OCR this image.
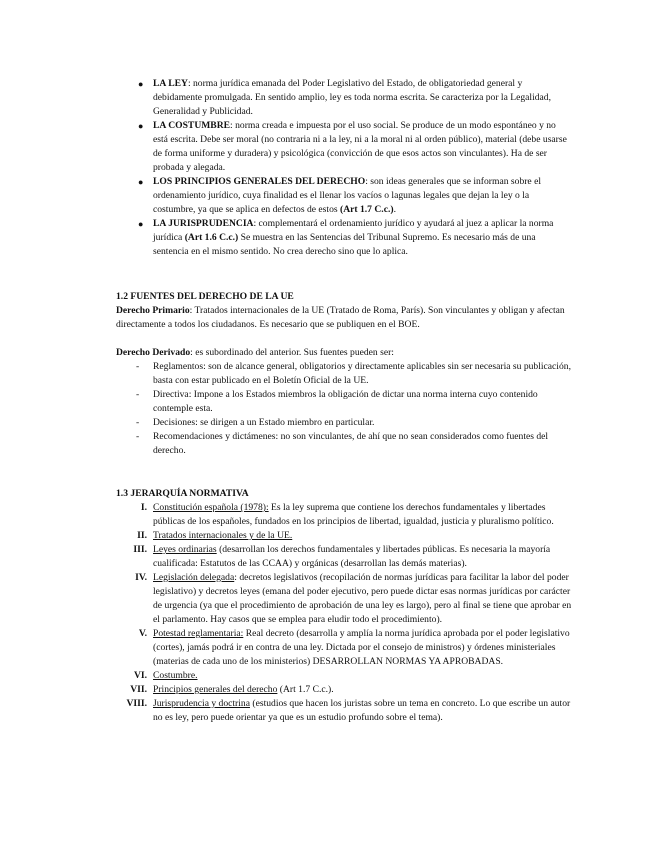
● LA LEY: norma jurídica emanada del Poder Legislativo del Estado, de obligatoriedad general y debidamente promulgada. En sentido amplio, ley es toda norma escrita. Se caracteriza por la Legalidad, Generalidad y Publicidad.
● LA COSTUMBRE: norma creada e impuesta por el uso social. Se produce de un modo espontáneo y no está escrita. Debe ser moral (no contraria ni a la ley, ni a la moral ni al orden público), material (debe usarse de forma uniforme y duradera) y psicológica (convicción de que esos actos son vinculantes). Ha de ser probada y alegada.
● LOS PRINCIPIOS GENERALES DEL DERECHO: son ideas generales que se informan sobre el ordenamiento jurídico, cuya finalidad es el llenar los vacíos o lagunas legales que dejan la ley o la costumbre, ya que se aplica en defectos de estos (Art 1.7 C.c.).
● LA JURISPRUDENCIA: complementará el ordenamiento jurídico y ayudará al juez a aplicar la norma jurídica (Art 1.6 C.c.) Se muestra en las Sentencias del Tribunal Supremo. Es necesario más de una sentencia en el mismo sentido. No crea derecho sino que lo aplica.
1.2 FUENTES DEL DERECHO DE LA UE
Derecho Primario: Tratados internacionales de la UE (Tratado de Roma, París). Son vinculantes y obligan y afectan directamente a todos los ciudadanos. Es necesario que se publiquen en el BOE.
Derecho Derivado: es subordinado del anterior. Sus fuentes pueden ser:
- Reglamentos: son de alcance general, obligatorios y directamente aplicables sin ser necesaria su publicación, basta con estar publicado en el Boletín Oficial de la UE.
- Directiva: Impone a los Estados miembros la obligación de dictar una norma interna cuyo contenido contemple esta.
- Decisiones: se dirigen a un Estado miembro en particular.
- Recomendaciones y dictámenes: no son vinculantes, de ahí que no sean considerados como fuentes del derecho.
1.3 JERARQUÍA NORMATIVA
I. Constitución española (1978): Es la ley suprema que contiene los derechos fundamentales y libertades públicas de los españoles, fundados en los principios de libertad, igualdad, justicia y pluralismo político.
II. Tratados internacionales y de la UE.
III. Leyes ordinarias (desarrollan los derechos fundamentales y libertades públicas. Es necesaria la mayoría cualificada: Estatutos de las CCAA) y orgánicas (desarrollan las demás materias).
IV. Legislación delegada: decretos legislativos (recopilación de normas jurídicas para facilitar la labor del poder legislativo) y decretos leyes (emana del poder ejecutivo, pero puede dictar esas normas jurídicas por carácter de urgencia (ya que el procedimiento de aprobación de una ley es largo), pero al final se tiene que aprobar en el parlamento. Hay casos que se emplea para eludir todo el procedimiento).
V. Potestad reglamentaria: Real decreto (desarrolla y amplía la norma jurídica aprobada por el poder legislativo (cortes), jamás podrá ir en contra de una ley. Dictada por el consejo de ministros) y órdenes ministeriales (materias de cada uno de los ministerios) DESARROLLAN NORMAS YA APROBADAS.
VI. Costumbre.
VII. Principios generales del derecho (Art 1.7 C.c.).
VIII. Jurisprudencia y doctrina (estudios que hacen los juristas sobre un tema en concreto. Lo que escribe un autor no es ley, pero puede orientar ya que es un estudio profundo sobre el tema).
